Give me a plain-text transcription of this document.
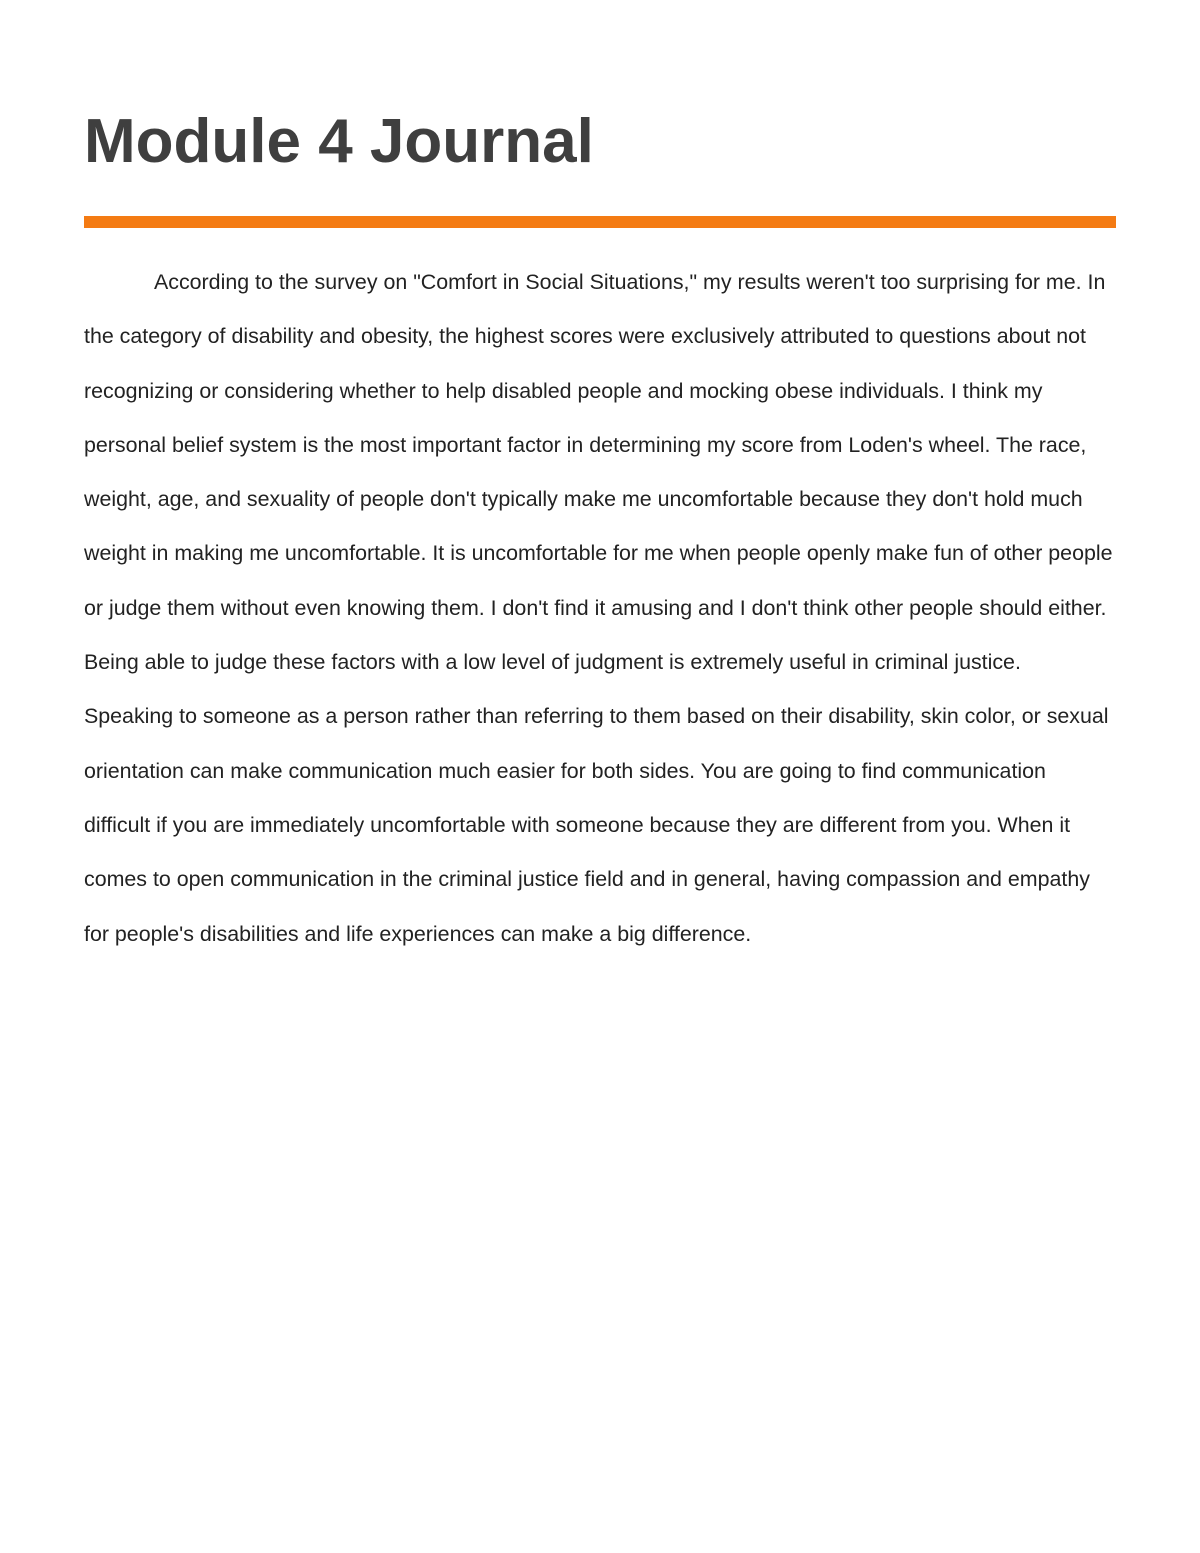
Module 4 Journal

According to the survey on "Comfort in Social Situations," my results weren't too surprising for me. In the category of disability and obesity, the highest scores were exclusively attributed to questions about not recognizing or considering whether to help disabled people and mocking obese individuals. I think my personal belief system is the most important factor in determining my score from Loden's wheel. The race, weight, age, and sexuality of people don't typically make me uncomfortable because they don't hold much weight in making me uncomfortable. It is uncomfortable for me when people openly make fun of other people or judge them without even knowing them. I don't find it amusing and I don't think other people should either. Being able to judge these factors with a low level of judgment is extremely useful in criminal justice. Speaking to someone as a person rather than referring to them based on their disability, skin color, or sexual orientation can make communication much easier for both sides. You are going to find communication difficult if you are immediately uncomfortable with someone because they are different from you. When it comes to open communication in the criminal justice field and in general, having compassion and empathy for people's disabilities and life experiences can make a big difference.
